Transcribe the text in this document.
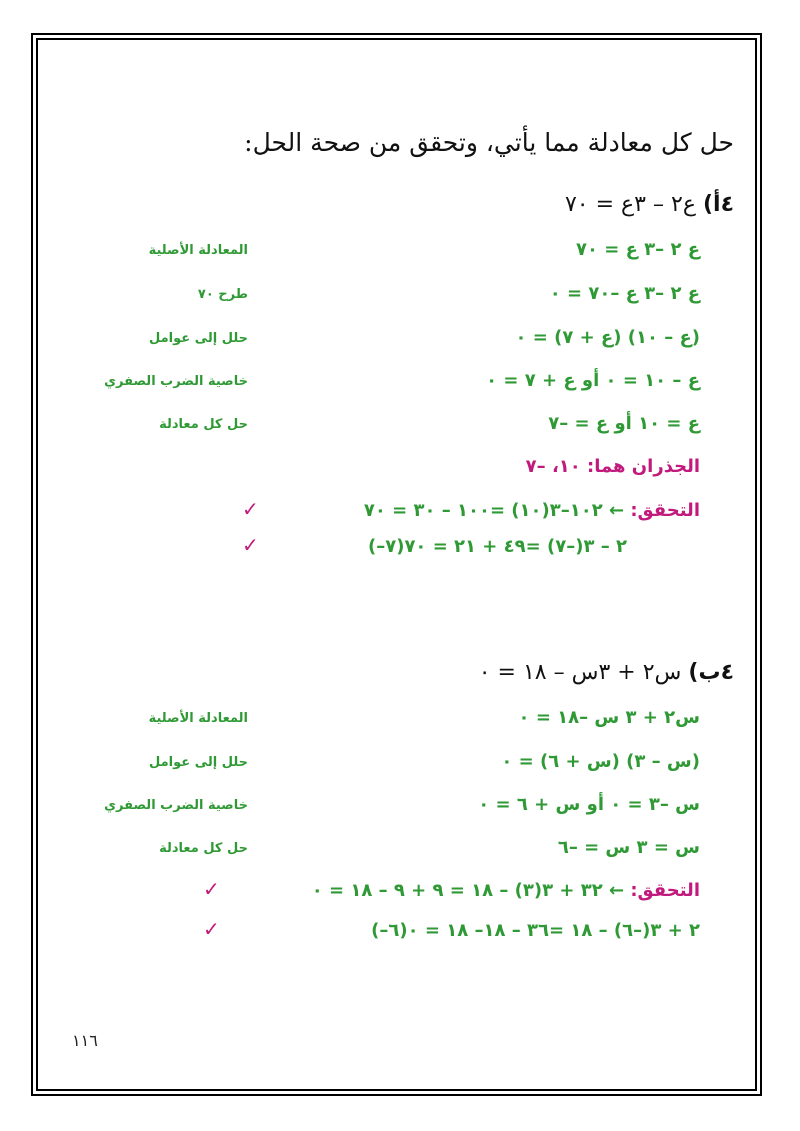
حل كل معادلة مما يأتي، وتحقق من صحة الحل:
٤أ) ع٢ – ٣ع = ٧٠
ع ٢ –٣ ع = ٧٠
المعادلة الأصلية
ع ٢ –٣ ع –٧٠ = ٠
طرح ٧٠
(ع – ١٠) (ع + ٧) = ٠
حلل إلى عوامل
ع – ١٠ = ٠ أو ع + ٧ = ٠
خاصية الضرب الصفري
ع = ١٠ أو ع = –٧
حل كل معادلة
الجذران هما: ١٠، –٧
التحقق: ← ١٠٢–٣(١٠) =١٠٠ – ٣٠ = ٧٠
✓
(–٧)٢ – ٣(–٧) =٤٩ + ٢١ = ٧٠
✓
٤ب) س٢ + ٣س – ١٨ = ٠
س٢ + ٣ س –١٨ = ٠
المعادلة الأصلية
(س – ٣) (س + ٦) = ٠
حلل إلى عوامل
س –٣ = ٠ أو س + ٦ = ٠
خاصية الضرب الصفري
س = ٣ س = –٦
حل كل معادلة
التحقق: ← ٣٢ + ٣(٣) – ١٨ = ٩ + ٩ – ١٨ = ٠
✓
(–٦)٢ + ٣(–٦) – ١٨ =٣٦ – ١٨– ١٨ = ٠
✓
١١٦
